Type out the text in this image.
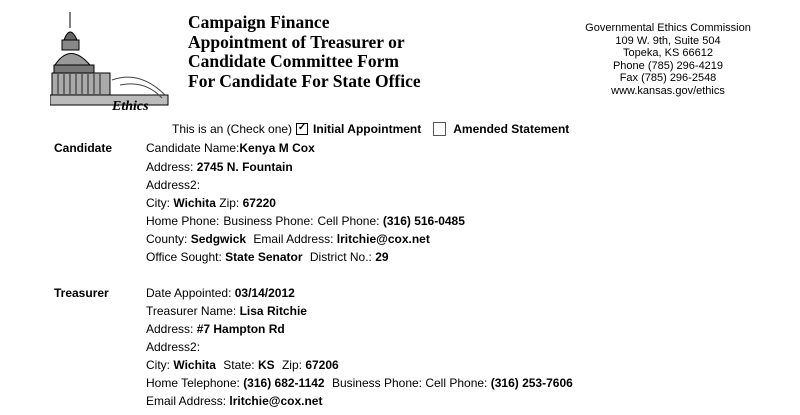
Ethics
Campaign Finance
Appointment of Treasurer or
Candidate Committee Form
For Candidate For State Office
Governmental Ethics Commission
109 W. 9th, Suite 504
Topeka, KS 66612
Phone (785) 296-4219
Fax (785) 296-2548
www.kansas.gov/ethics
This is an (Check one)
✓ Initial Appointment	Amended Statement
Candidate	Candidate Name:Kenya M Cox
Address: 2745 N. Fountain
Address2:
City: Wichita Zip: 67220
Home Phone: Business Phone: Cell Phone: (316) 516-0485
County: Sedgwick Email Address: lritchie@cox.net
Office Sought: State Senator District No.: 29
Treasurer	Date Appointed: 03/14/2012
Treasurer Name: Lisa Ritchie
Address: #7 Hampton Rd
Address2:
City: Wichita State: KS Zip: 67206
Home Telephone: (316) 682-1142 Business Phone: Cell Phone: (316) 253-7606
Email Address: lritchie@cox.net
